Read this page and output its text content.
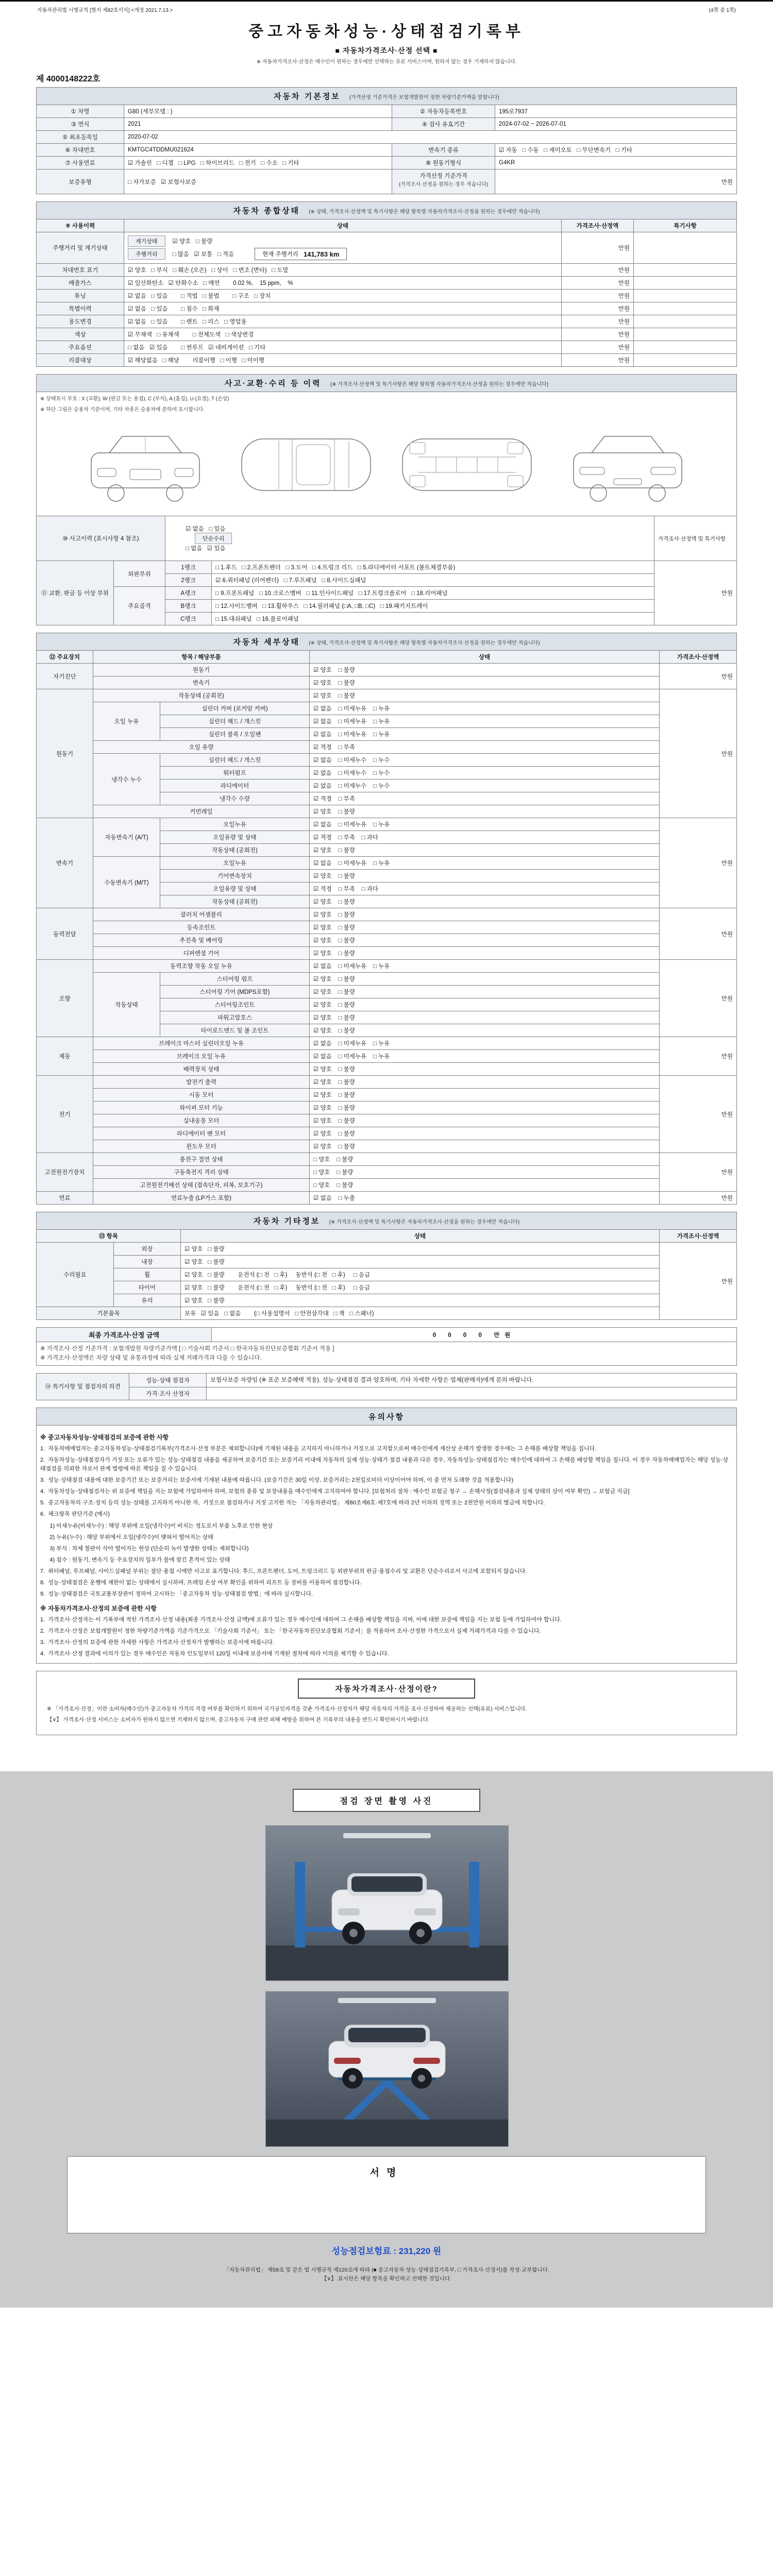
자동차관리법 시행규칙 [별지 제82호서식] <개정 2021.7.13.>	(4쪽 중 1쪽)
중고자동차성능·상태점검기록부
■ 자동차가격조사·산정 선택 ■
※ 자동차가격조사·산정은 매수인이 원하는 경우에만 선택하는 유료 서비스이며, 원하지 않는 경우 기재하지 않습니다.
제 4000148222호
자동차 기본정보 (가격산정 기준가격은 보험개발원이 정한 차량기준가액을 말합니다)			
① 차명	G80 (세부모델 : )	② 자동차등록번호	195로7937
③ 연식	2021	④ 검사 유효기간	2024-07-02 ~ 2026-07-01
⑤ 최초등록일	2020-07-02		
⑥ 차대번호	KMTGC4TDDMU021624	변속기 종류	☑ 자동   □ 수동   □ 세미오토   □ 무단변속기   □ 기타
⑦ 사용연료	☑ 가솔린   □ 디젤   □ LPG   □ 하이브리드   □ 전기   □ 수소   □ 기타	⑧ 원동기형식	G4KR
보증유형	□ 자가보증   ☑ 보험사보증	가격산정 기준가격
(가격조사·산정을 원하는 경우 적습니다)	만원
자동차 종합상태 (※ 상태, 가격조사·산정액 및 특기사항은 해당 항목별 자동차가격조사·산정을 원하는 경우에만 적습니다)			
⑨ 사용이력	상태	가격조사·산정액	특기사항
주행거리 및 계기상태	
계기상태	☑ 양호   □ 불량
주행거리	□ 많음   ☑ 보통   □ 적음	현재 주행거리 141,783 km
	만원	
차대번호 표기	☑ 양호   □ 부식   □ 훼손 (오손)   □ 상이   □ 변조 (변타)   □ 도말	만원	
배출가스	☑ 일산화탄소   ☑ 탄화수소   □ 매연        0.02 %,    15 ppm,    %	만원	
튜닝	☑ 없음   □ 있음        □ 적법   □ 불법        □ 구조   □ 장치	만원	
특별이력	☑ 없음   □ 있음        □ 침수   □ 화재	만원	
용도변경	☑ 없음   □ 있음        □ 렌트   □ 리스   □ 영업용	만원	
색상	☑ 무채색   □ 유채색        □ 전체도색   □ 색상변경	만원	
주요옵션	□ 없음   ☑ 있음        □ 썬루프   ☑ 네비게이션   □ 기타	만원	
리콜대상	☑ 해당없음   □ 해당        리콜이행   □ 이행   □ 미이행	만원	
사고·교환·수리 등 이력 (※ 가격조사·산정액 및 특기사항은 해당 항목별 자동차가격조사·산정을 원하는 경우에만 적습니다)				

※ 상태표시 부호 : X (교환), W (판금 또는 용접), C (부식), A (흠집), U (요철), T (손상)
※ 하단 그림은 승용차 기준이며, 기타 차종은 승용차에 준하여 표시합니다.				

⑩ 사고이력 (표시사항 4 참조)		☑ 없음   □ 있음
단순수리
□ 없음   ☑ 있음		가격조사·산정액 및 특기사항
⑪ 교환, 판금 등 이상 부위	외판부위	1랭크	□ 1.후드   □ 2.프론트펜더   □ 3.도어   □ 4.트렁크 리드   □ 5.라디에이터 서포트 (볼트체결부품)	만원
		2랭크	☑ 6.쿼터패널 (리어펜더)   □ 7.루프패널   □ 8.사이드실패널	
	주요골격	A랭크	□ 9.프론트패널   □ 10.크로스멤버   □ 11.인사이드패널   □ 17.트렁크플로어   □ 18.리어패널	
		B랭크	□ 12.사이드멤버   □ 13.휠하우스   □ 14.필러패널 (□A, □B, □C)   □ 19.패키지트레이	
		C랭크	□ 15.대쉬패널   □ 16.플로어패널	
자동차 세부상태 (※ 상태, 가격조사·산정액 및 특기사항은 해당 항목별 자동차가격조사·산정을 원하는 경우에만 적습니다)				
⑫ 주요장치	항목 / 해당부품		상태	가격조사·산정액
자기진단	원동기		☑ 양호    □ 불량	만원
	변속기		☑ 양호    □ 불량	
원동기	작동상태 (공회전)		☑ 양호    □ 불량	만원
	오일 누유	실린더 커버 (로커암 커버)	☑ 없음    □ 미세누유    □ 누유	
		실린더 헤드 / 개스킷	☑ 없음    □ 미세누유    □ 누유	
		실린더 블록 / 오일팬	☑ 없음    □ 미세누유    □ 누유	
	오일 유량		☑ 적정    □ 부족	
	냉각수 누수	실린더 헤드 / 개스킷	☑ 없음    □ 미세누수    □ 누수	
		워터펌프	☑ 없음    □ 미세누수    □ 누수	
		라디에이터	☑ 없음    □ 미세누수    □ 누수	
		냉각수 수량	☑ 적정    □ 부족	
	커먼레일		☑ 양호    □ 불량	
변속기	자동변속기 (A/T)	오일누유	☑ 없음    □ 미세누유    □ 누유	만원
		오일유량 및 상태	☑ 적정    □ 부족    □ 과다	
		작동상태 (공회전)	☑ 양호    □ 불량	
	수동변속기 (M/T)	오일누유	☑ 없음    □ 미세누유    □ 누유	
		기어변속장치	☑ 양호    □ 불량	
		오일유량 및 상태	☑ 적정    □ 부족    □ 과다	
		작동상태 (공회전)	☑ 양호    □ 불량	
동력전달	클러치 어셈블리		☑ 양호    □ 불량	만원
	등속조인트		☑ 양호    □ 불량	
	추진축 및 베어링		☑ 양호    □ 불량	
	디퍼렌셜 기어		☑ 양호    □ 불량	
조향	동력조향 작동 오일 누유		☑ 없음    □ 미세누유    □ 누유	만원
	작동상태	스티어링 펌프	☑ 양호    □ 불량	
		스티어링 기어 (MDPS포함)	☑ 양호    □ 불량	
		스티어링조인트	☑ 양호    □ 불량	
		파워고압호스	☑ 양호    □ 불량	
		타이로드엔드 및 볼 조인트	☑ 양호    □ 불량	
제동	브레이크 마스터 실린더오일 누유		☑ 없음    □ 미세누유    □ 누유	만원
	브레이크 오일 누유		☑ 없음    □ 미세누유    □ 누유	
	배력장치 상태		☑ 양호    □ 불량	
전기	발전기 출력		☑ 양호    □ 불량	만원
	시동 모터		☑ 양호    □ 불량	
	와이퍼 모터 기능		☑ 양호    □ 불량	
	실내송풍 모터		☑ 양호    □ 불량	
	라디에이터 팬 모터		☑ 양호    □ 불량	
	윈도우 모터		☑ 양호    □ 불량	
고전원전기장치	충전구 절연 상태		□ 양호    □ 불량	만원
	구동축전지 격리 상태		□ 양호    □ 불량	
	고전원전기배선 상태 (접속단자, 피복, 보호기구)		□ 양호    □ 불량	
연료	연료누출 (LP가스 포함)		☑ 없음    □ 누출	만원
자동차 기타정보 (※ 가격조사·산정액 및 특기사항은 자동차가격조사·산정을 원하는 경우에만 적습니다)			
⑬ 항목		상태	가격조사·산정액
수리필요	외장	☑ 양호   □ 불량	만원
	내장	☑ 양호   □ 불량	
	휠	☑ 양호   □ 불량        운전석 (□ 전   □ 후)     동반석 (□ 전   □ 후)     □ 응급	
	타이어	☑ 양호   □ 불량        운전석 (□ 전   □ 후)     동반석 (□ 전   □ 후)     □ 응급	
	유리	☑ 양호   □ 불량	
기본품목		보유   ☑ 있음   □ 없음        (□ 사용설명서   □ 안전삼각대   □ 잭   □ 스패너)	
최종 가격조사·산정 금액	0 0 0 0 만원

※ 가격조사·산정 기준가격 : 보험개발원 차량기준가액 [ □ 기술사회 기준서 □ 한국자동차진단보증협회 기준서 적용 ]
※ 가격조사·산정액은 차량 상태 및 유통과정에 따라 실제 거래가격과 다를 수 있습니다.
⑭ 특기사항 및 점검자의 의견	성능·상태 점검자	보험사보증 차량임 (※ 표준 보증혜택 적용). 성능·상태점검 결과 양호하며, 기타 자세한 사항은 업체(판매자)에게 문의 바랍니다.
	가격·조사 산정자	
유의사항

※ 중고자동차성능·상태점검의 보증에 관한 사항

1.  자동차매매업자는 중고자동차성능·상태점검기록부(가격조사·산정 부분은 제외합니다)에 기재된 내용을 고지하지 아니하거나 거짓으로 고지함으로써 매수인에게 재산상 손해가 발생한 경우에는 그 손해를 배상할 책임을 집니다.

2.  자동차성능·상태점검자가 거짓 또는 오류가 있는 성능·상태점검 내용을 제공하여 보증기간 또는 보증거리 이내에 자동차의 실제 성능·상태가 점검 내용과 다른 경우, 자동차성능·상태점검자는 매수인에 대하여 그 손해를 배상할 책임을 집니다. 이 경우 자동차매매업자는 해당 성능·상태점검을 의뢰한 자로서 관계 법령에 따른 책임을 질 수 있습니다.

3.  성능·상태점검 내용에 대한 보증기간 또는 보증거리는 보증서에 기재된 내용에 따릅니다. (보증기간은 30일 이상, 보증거리는 2천킬로미터 이상이어야 하며, 이 중 먼저 도래한 것을 적용합니다)

4.  자동차성능·상태점검자는 위 보증에 책임을 지는 보험에 가입하여야 하며, 보험의 종류 및 보장내용을 매수인에게 고지하여야 합니다. [보험처리 절차 : 매수인 보험금 청구 → 손해사정(점검내용과 실제 상태의 상이 여부 확인) → 보험금 지급]

5.  중고자동차의 구조·장치 등의 성능·상태를 고지하지 아니한 자,  거짓으로 점검하거나 거짓 고지한 자는 「자동차관리법」 제80조제6호·제7호에 따라 2년 이하의 징역 또는 2천만원 이하의 벌금에 처합니다.

6.  체크항목 판단기준 (예시)

1) 미세누유(미세누수) : 해당 부위에 오일(냉각수)이 비치는 정도로서 부품 노후로 인한 현상

2) 누유(누수) : 해당 부위에서 오일(냉각수)이 맺혀서 떨어지는 상태

3) 부식 : 차체 철판이 삭아 떨어지는 현상 (단순히 녹이 발생한 상태는 제외합니다)

4) 침수 : 원동기, 변속기 등 주요장치의 일부가 물에 잠긴 흔적이 있는 상태

7.  쿼터패널, 루프패널, 사이드실패널 부위는 절단·용접 시에만 사고로 표기합니다. 후드, 프론트펜더, 도어, 트렁크리드 등 외판부위의 판금·용접수리 및 교환은 단순수리로서 사고에 포함되지 않습니다.

8.  성능·상태점검은 운행에 제한이 없는 상태에서 실시하며, 프레임 손상 여부 확인을 위하여 리프트 등 장비를 이용하여 점검합니다.

9.  성능·상태점검은 국토교통부장관이 정하여 고시하는 「중고자동차 성능·상태점검 방법」에 따라 실시합니다.

※ 자동차가격조사·산정의 보증에 관한 사항

1.  가격조사·산정자는 이 기록부에 적힌 가격조사·산정 내용(최종 가격조사·산정 금액)에 오류가 있는 경우 매수인에 대하여 그 손해를 배상할 책임을 지며, 이에 대한 보증에 책임을 지는 보험 등에 가입하여야 합니다.

2.  가격조사·산정은 보험개발원이 정한 차량기준가액을 기준가격으로 「기술사회 기준서」 또는 「한국자동차진단보증협회 기준서」를 적용하여 조사·산정한 가격으로서 실제 거래가격과 다를 수 있습니다.

3.  가격조사·산정의 보증에 관한 자세한 사항은 가격조사·산정자가 발행하는 보증서에 따릅니다.

4.  가격조사·산정 결과에 이의가 있는 경우 매수인은 자동차 인도일부터 120일 이내에 보증서에 기재된 절차에 따라 이의를 제기할 수 있습니다.

자동차가격조사·산정이란?

※ 「가격조사·산정」이란 소비자(매수인)가 중고자동차 가격의 적정 여부를 확인하기 위하여 국가공인자격을 갖춘 가격조사·산정자가 해당 자동차의 가격을 조사·산정하여 제공하는 선택(유료) 서비스입니다.

【∨】 가격조사·산정 서비스는 소비자가 원하지 않으면 기재하지 않으며, 중고자동차 구매 관련 피해 예방을 위하여 본 기록부의 내용을 반드시 확인하시기 바랍니다.

점검 장면 촬영 사진
서명
성능점검보험료 : 231,220 원
「자동차관리법」 제58조 및 같은 법 시행규칙 제120조에 따라 (■ 중고자동차 성능·상태점검기록부, □ 가격조사·산정서)를 작성·교부합니다.
【∨】 표시란은 해당 항목을 확인하고 선택한 것입니다.
